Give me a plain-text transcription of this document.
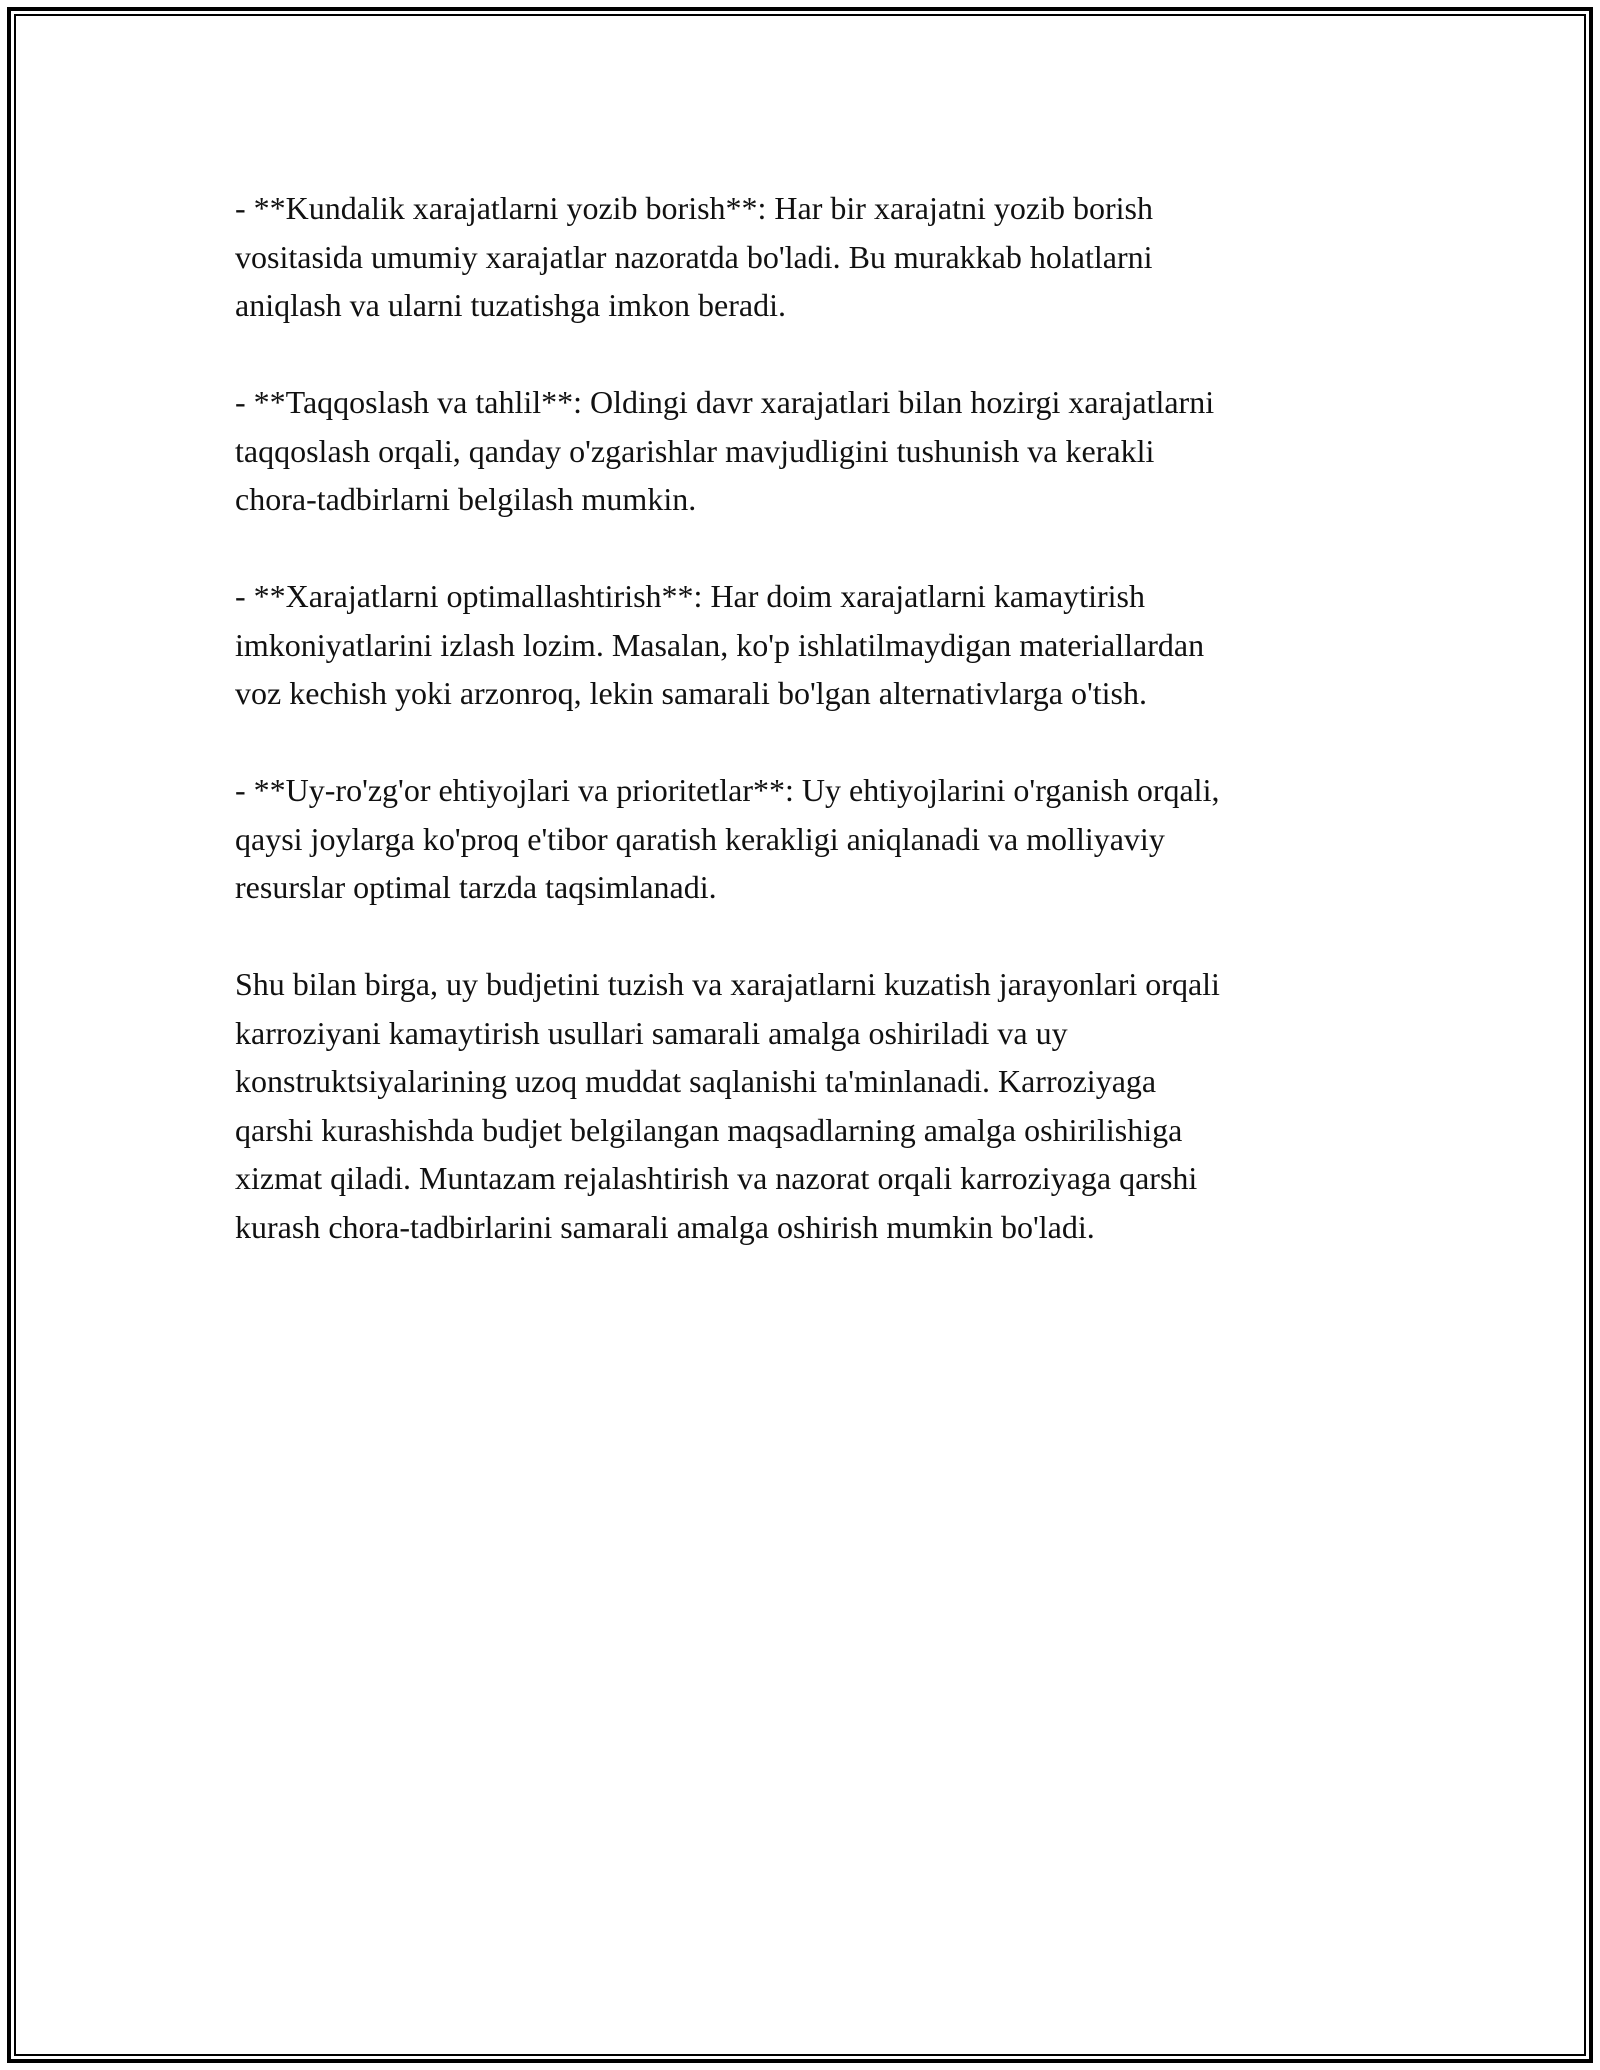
- **Kundalik xarajatlarni yozib borish**: Har bir xarajatni yozib borish
vositasida umumiy xarajatlar nazoratda bo'ladi. Bu murakkab holatlarni
aniqlash va ularni tuzatishga imkon beradi.

- **Taqqoslash va tahlil**: Oldingi davr xarajatlari bilan hozirgi xarajatlarni
taqqoslash orqali, qanday o'zgarishlar mavjudligini tushunish va kerakli
chora-tadbirlarni belgilash mumkin.

- **Xarajatlarni optimallashtirish**: Har doim xarajatlarni kamaytirish
imkoniyatlarini izlash lozim. Masalan, ko'p ishlatilmaydigan materiallardan
voz kechish yoki arzonroq, lekin samarali bo'lgan alternativlarga o'tish.

- **Uy-ro'zg'or ehtiyojlari va prioritetlar**: Uy ehtiyojlarini o'rganish orqali,
qaysi joylarga ko'proq e'tibor qaratish kerakligi aniqlanadi va molliyaviy
resurslar optimal tarzda taqsimlanadi.

Shu bilan birga, uy budjetini tuzish va xarajatlarni kuzatish jarayonlari orqali
karroziyani kamaytirish usullari samarali amalga oshiriladi va uy
konstruktsiyalarining uzoq muddat saqlanishi ta'minlanadi. Karroziyaga
qarshi kurashishda budjet belgilangan maqsadlarning amalga oshirilishiga
xizmat qiladi. Muntazam rejalashtirish va nazorat orqali karroziyaga qarshi
kurash chora-tadbirlarini samarali amalga oshirish mumkin bo'ladi.
